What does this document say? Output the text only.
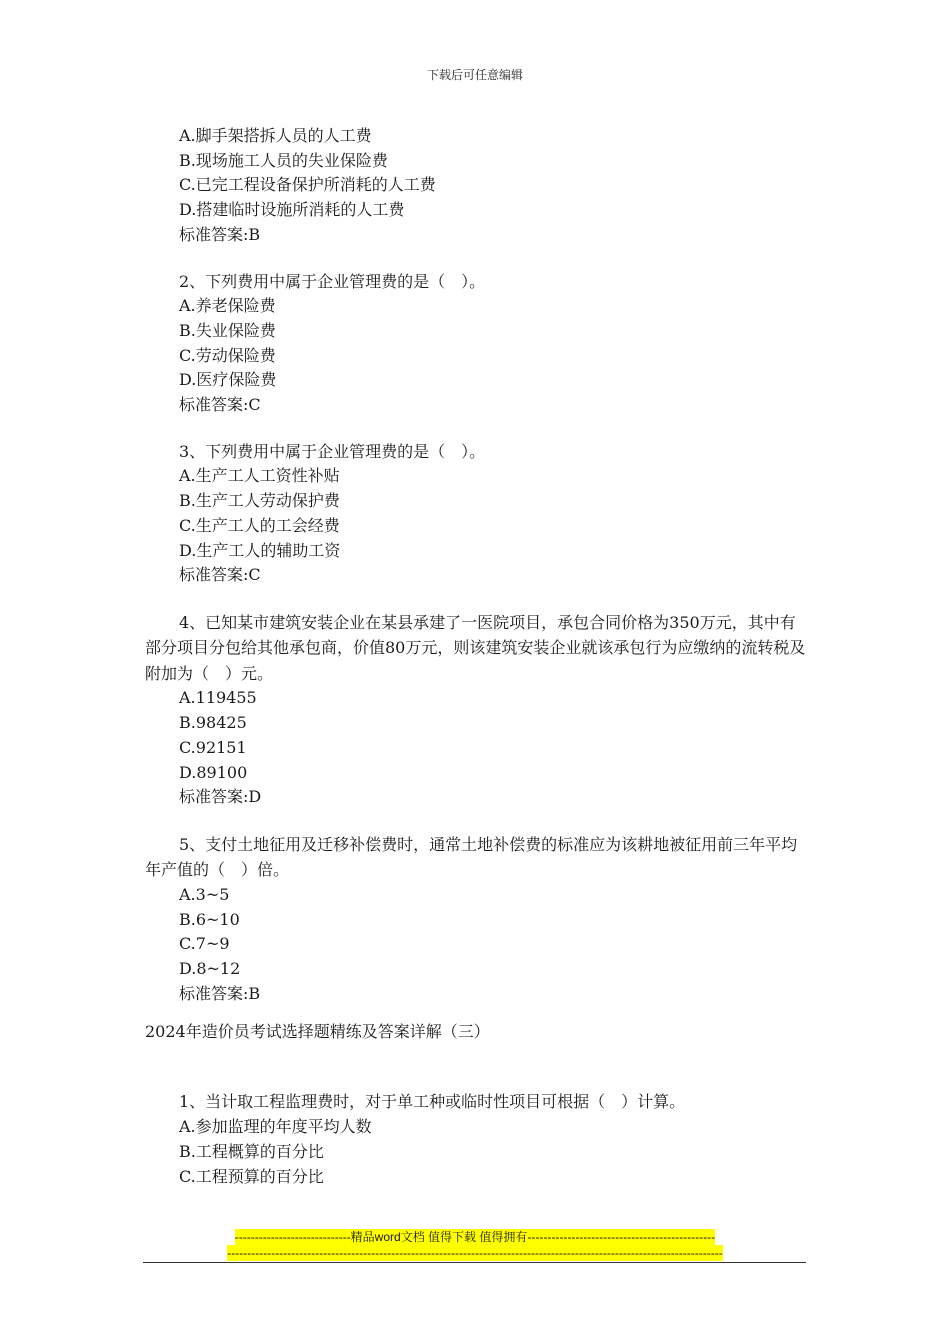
下载后可任意编辑
A.脚手架搭拆人员的人工费
B.现场施工人员的失业保险费
C.已完工程设备保护所消耗的人工费
D.搭建临时设施所消耗的人工费
标准答案:B
2、下列费用中属于企业管理费的是（　）。
A.养老保险费
B.失业保险费
C.劳动保险费
D.医疗保险费
标准答案:C
3、下列费用中属于企业管理费的是（　）。
A.生产工人工资性补贴
B.生产工人劳动保护费
C.生产工人的工会经费
D.生产工人的辅助工资
标准答案:C
4、已知某市建筑安装企业在某县承建了一医院项目，承包合同价格为350万元，其中有部分项目分包给其他承包商，价值80万元，则该建筑安装企业就该承包行为应缴纳的流转税及附加为（　）元。
A.119455
B.98425
C.92151
D.89100
标准答案:D
5、支付土地征用及迁移补偿费时，通常土地补偿费的标准应为该耕地被征用前三年平均年产值的（　）倍。
A.3~5
B.6~10
C.7~9
D.8~12
标准答案:B
2024年造价员考试选择题精练及答案详解（三）
1、当计取工程监理费时，对于单工种或临时性项目可根据（　）计算。
A.参加监理的年度平均人数
B.工程概算的百分比
C.工程预算的百分比
-----------------------------精品word文档 值得下载 值得拥有-----------------------------------------------
----------------------------------------------------------------------------------------------------------------------------
